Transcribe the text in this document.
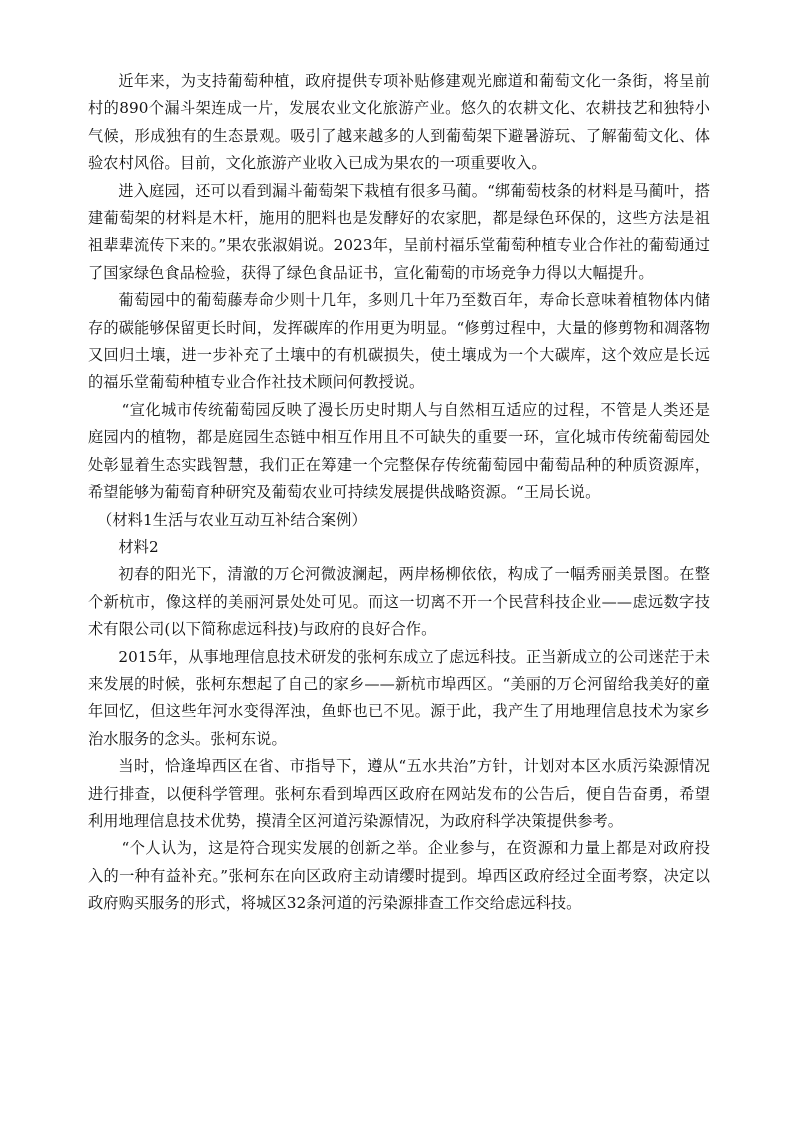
近年来，为支持葡萄种植，政府提供专项补贴修建观光廊道和葡萄文化一条街，将呈前村的890个漏斗架连成一片，发展农业文化旅游产业。悠久的农耕文化、农耕技艺和独特小气候，形成独有的生态景观。吸引了越来越多的人到葡萄架下避暑游玩、了解葡萄文化、体验农村风俗。目前，文化旅游产业收入已成为果农的一项重要收入。

进入庭园，还可以看到漏斗葡萄架下栽植有很多马蔺。“绑葡萄枝条的材料是马蔺叶，搭建葡萄架的材料是木杆，施用的肥料也是发酵好的农家肥，都是绿色环保的，这些方法是祖祖辈辈流传下来的。”果农张淑娟说。2023年，呈前村福乐堂葡萄种植专业合作社的葡萄通过了国家绿色食品检验，获得了绿色食品证书，宣化葡萄的市场竞争力得以大幅提升。

葡萄园中的葡萄藤寿命少则十几年，多则几十年乃至数百年，寿命长意味着植物体内储存的碳能够保留更长时间，发挥碳库的作用更为明显。“修剪过程中，大量的修剪物和凋落物又回归土壤，进一步补充了土壤中的有机碳损失，使土壤成为一个大碳库，这个效应是长远的福乐堂葡萄种植专业合作社技术顾问何教授说。

“宣化城市传统葡萄园反映了漫长历史时期人与自然相互适应的过程，不管是人类还是庭园内的植物，都是庭园生态链中相互作用且不可缺失的重要一环，宣化城市传统葡萄园处处彰显着生态实践智慧，我们正在筹建一个完整保存传统葡萄园中葡萄品种的种质资源库，希望能够为葡萄育种研究及葡萄农业可持续发展提供战略资源。“王局长说。

（材料1生活与农业互动互补结合案例）

材料2

初春的阳光下，清澈的万仑河微波澜起，两岸杨柳依依，构成了一幅秀丽美景图。在整个新杭市，像这样的美丽河景处处可见。而这一切离不开一个民营科技企业——虑远数字技术有限公司(以下简称虑远科技)与政府的良好合作。

2015年，从事地理信息技术研发的张柯东成立了虑远科技。正当新成立的公司迷茫于未来发展的时候，张柯东想起了自己的家乡——新杭市埠西区。“美丽的万仑河留给我美好的童年回忆，但这些年河水变得浑浊，鱼虾也已不见。源于此，我产生了用地理信息技术为家乡治水服务的念头。张柯东说。

当时，恰逢埠西区在省、市指导下，遵从“五水共治”方针，计划对本区水质污染源情况进行排查，以便科学管理。张柯东看到埠西区政府在网站发布的公告后，便自告奋勇，希望利用地理信息技术优势，摸清全区河道污染源情况，为政府科学决策提供参考。

“个人认为，这是符合现实发展的创新之举。企业参与，在资源和力量上都是对政府投入的一种有益补充。”张柯东在向区政府主动请缨时提到。埠西区政府经过全面考察，决定以政府购买服务的形式，将城区32条河道的污染源排查工作交给虑远科技。
